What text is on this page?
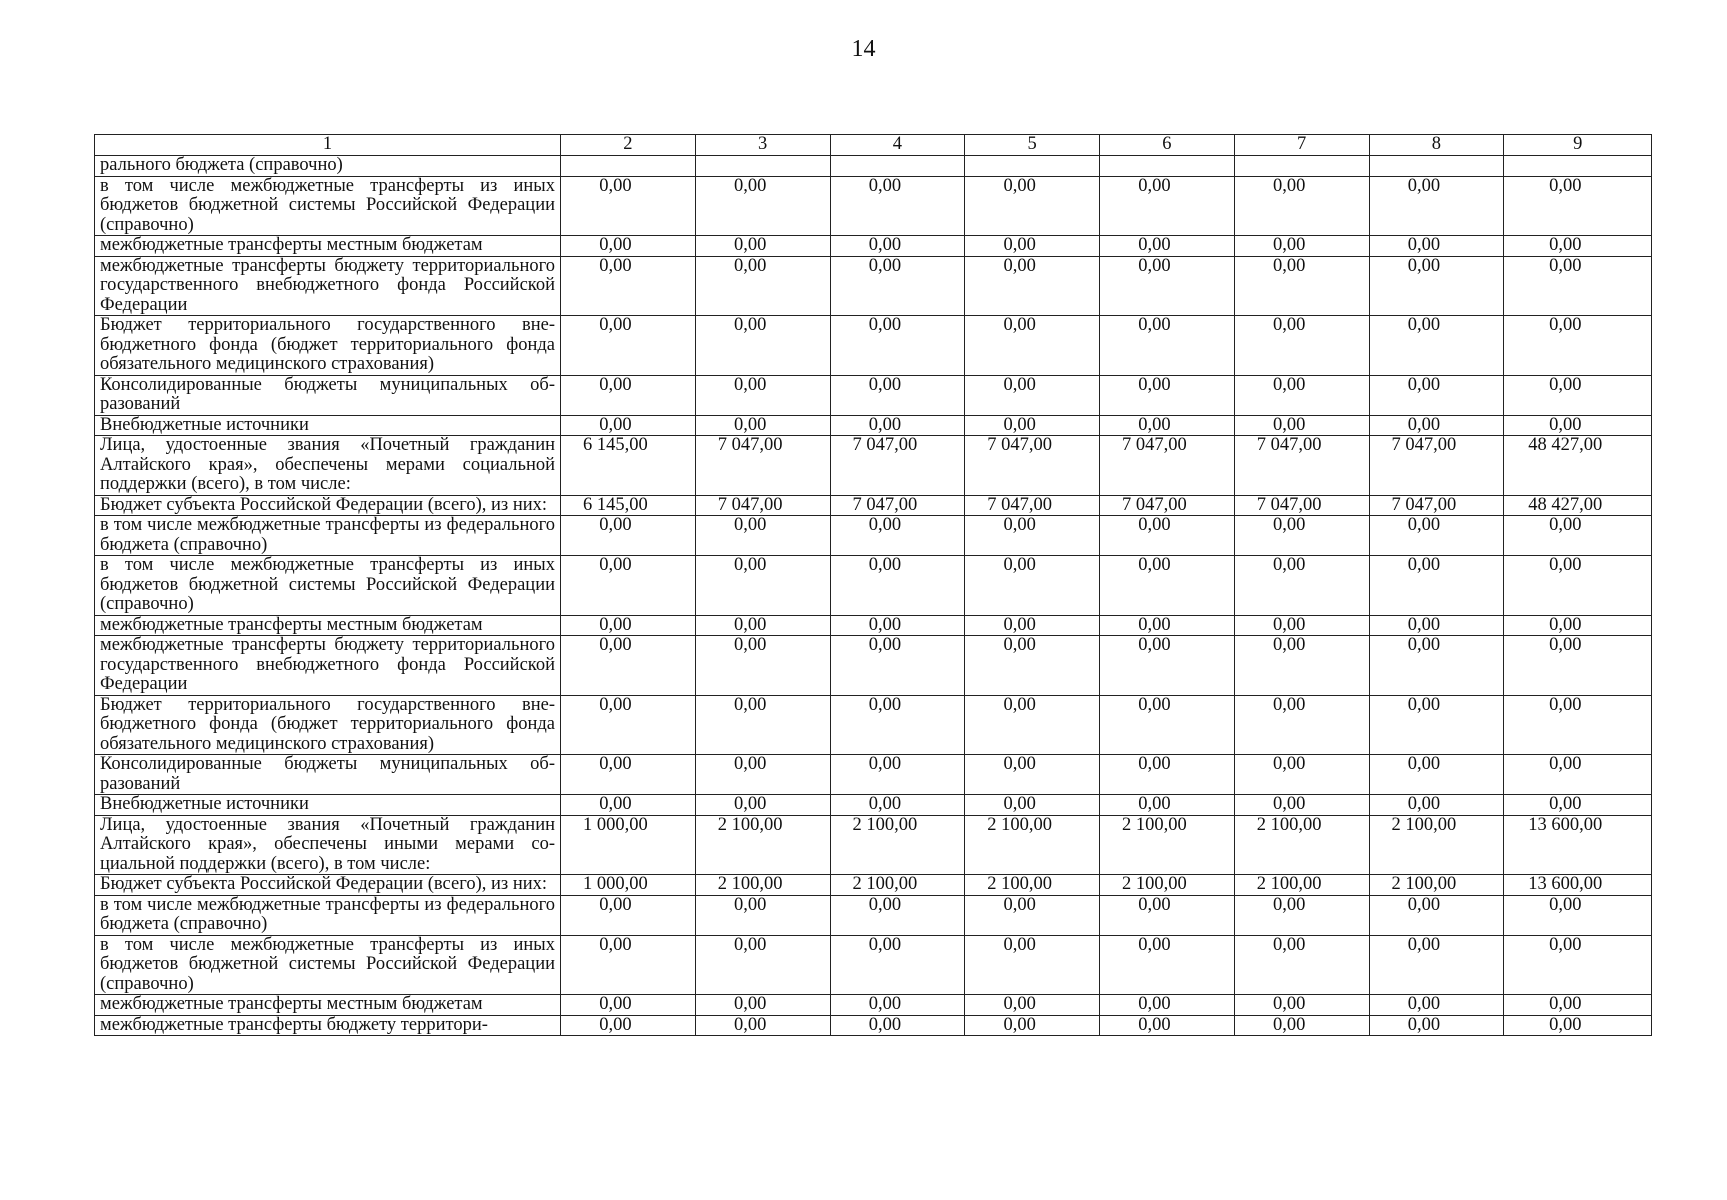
14
1	2	3	4	5	6	7	8	9
рального бюджета (справочно)								
в том числе межбюджетные трансферты из иных бюджетов бюджетной системы Российской Федерации (справочно)	0,00	0,00	0,00	0,00	0,00	0,00	0,00	0,00
межбюджетные трансферты местным бюджетам	0,00	0,00	0,00	0,00	0,00	0,00	0,00	0,00
межбюджетные трансферты бюджету территориального государственного внебюджетного фонда Российской Федерации	0,00	0,00	0,00	0,00	0,00	0,00	0,00	0,00
Бюджет территориального государственного внебюджетного фонда (бюджет территориального фонда обязательного медицинского страхования)	0,00	0,00	0,00	0,00	0,00	0,00	0,00	0,00
Консолидированные бюджеты муниципальных образований	0,00	0,00	0,00	0,00	0,00	0,00	0,00	0,00
Внебюджетные источники	0,00	0,00	0,00	0,00	0,00	0,00	0,00	0,00
Лица, удостоенные звания «Почетный гражданин Алтайского края», обеспечены мерами социальной поддержки (всего), в том числе:	6 145,00	7 047,00	7 047,00	7 047,00	7 047,00	7 047,00	7 047,00	48 427,00
Бюджет субъекта Российской Федерации (всего), из них:	6 145,00	7 047,00	7 047,00	7 047,00	7 047,00	7 047,00	7 047,00	48 427,00
в том числе межбюджетные трансферты из федерального бюджета (справочно)	0,00	0,00	0,00	0,00	0,00	0,00	0,00	0,00
в том числе межбюджетные трансферты из иных бюджетов бюджетной системы Российской Федерации (справочно)	0,00	0,00	0,00	0,00	0,00	0,00	0,00	0,00
межбюджетные трансферты местным бюджетам	0,00	0,00	0,00	0,00	0,00	0,00	0,00	0,00
межбюджетные трансферты бюджету территориального государственного внебюджетного фонда Российской Федерации	0,00	0,00	0,00	0,00	0,00	0,00	0,00	0,00
Бюджет территориального государственного внебюджетного фонда (бюджет территориального фонда обязательного медицинского страхования)	0,00	0,00	0,00	0,00	0,00	0,00	0,00	0,00
Консолидированные бюджеты муниципальных образований	0,00	0,00	0,00	0,00	0,00	0,00	0,00	0,00
Внебюджетные источники	0,00	0,00	0,00	0,00	0,00	0,00	0,00	0,00
Лица, удостоенные звания «Почетный гражданин Алтайского края», обеспечены иными мерами социальной поддержки (всего), в том числе:	1 000,00	2 100,00	2 100,00	2 100,00	2 100,00	2 100,00	2 100,00	13 600,00
Бюджет субъекта Российской Федерации (всего), из них:	1 000,00	2 100,00	2 100,00	2 100,00	2 100,00	2 100,00	2 100,00	13 600,00
в том числе межбюджетные трансферты из федерального бюджета (справочно)	0,00	0,00	0,00	0,00	0,00	0,00	0,00	0,00
в том числе межбюджетные трансферты из иных бюджетов бюджетной системы Российской Федерации (справочно)	0,00	0,00	0,00	0,00	0,00	0,00	0,00	0,00
межбюджетные трансферты местным бюджетам	0,00	0,00	0,00	0,00	0,00	0,00	0,00	0,00
межбюджетные трансферты бюджету территори-	0,00	0,00	0,00	0,00	0,00	0,00	0,00	0,00
